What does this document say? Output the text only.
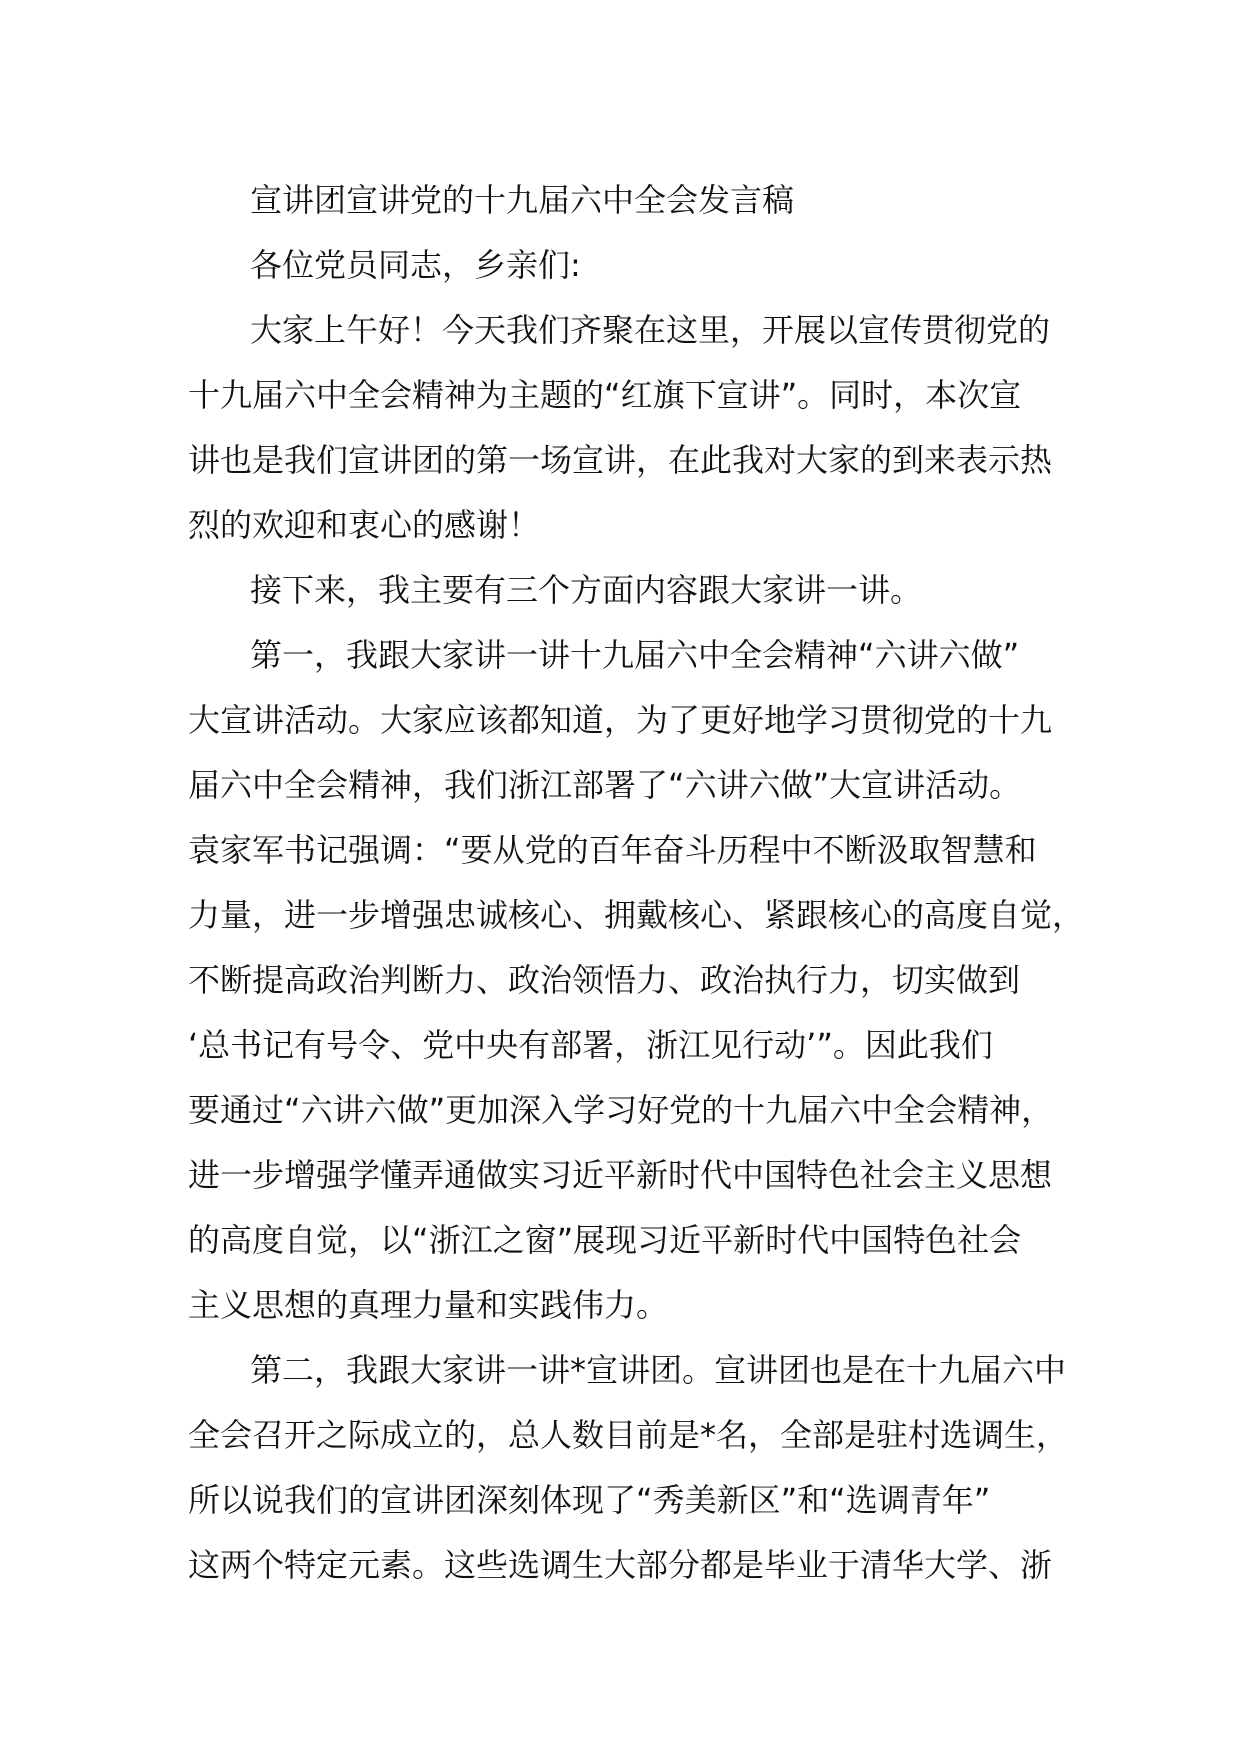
宣讲团宣讲党的十九届六中全会发言稿
各位党员同志，乡亲们:
大家上午好！今天我们齐聚在这里，开展以宣传贯彻党的
十九届六中全会精神为主题的“红旗下宣讲”。同时，本次宣
讲也是我们宣讲团的第一场宣讲，在此我对大家的到来表示热
烈的欢迎和衷心的感谢！
接下来，我主要有三个方面内容跟大家讲一讲。
第一，我跟大家讲一讲十九届六中全会精神“六讲六做”
大宣讲活动。大家应该都知道，为了更好地学习贯彻党的十九
届六中全会精神，我们浙江部署了“六讲六做”大宣讲活动。
袁家军书记强调：“要从党的百年奋斗历程中不断汲取智慧和
力量，进一步增强忠诚核心、拥戴核心、紧跟核心的高度自觉，
不断提高政治判断力、政治领悟力、政治执行力，切实做到
‘总书记有号令、党中央有部署，浙江见行动’”。因此我们
要通过“六讲六做”更加深入学习好党的十九届六中全会精神，
进一步增强学懂弄通做实习近平新时代中国特色社会主义思想
的高度自觉，以“浙江之窗”展现习近平新时代中国特色社会
主义思想的真理力量和实践伟力。
第二，我跟大家讲一讲*宣讲团。宣讲团也是在十九届六中
全会召开之际成立的，总人数目前是*名，全部是驻村选调生，
所以说我们的宣讲团深刻体现了“秀美新区”和“选调青年”
这两个特定元素。这些选调生大部分都是毕业于清华大学、浙
